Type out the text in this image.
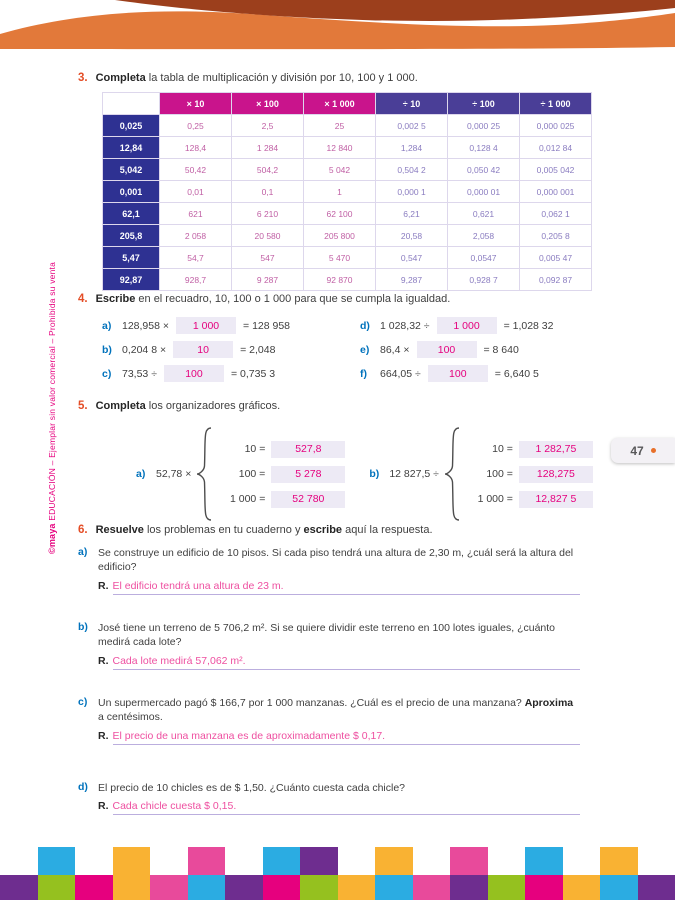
©maya EDUCACIÓN – Ejemplar sin valor comercial – Prohibida su venta	47
3. Completa la tabla de multiplicación y división por 10, 100 y 1 000.
	× 10	× 100	× 1 000	÷ 10	÷ 100	÷ 1 000
0,025	0,25	2,5	25	0,002 5	0,000 25	0,000 025
12,84	128,4	1 284	12 840	1,284	0,128 4	0,012 84
5,042	50,42	504,2	5 042	0,504 2	0,050 42	0,005 042
0,001	0,01	0,1	1	0,000 1	0,000 01	0,000 001
62,1	621	6 210	62 100	6,21	0,621	0,062 1
205,8	2 058	20 580	205 800	20,58	2,058	0,205 8
5,47	54,7	547	5 470	0,547	0,0547	0,005 47
92,87	928,7	9 287	92 870	9,287	0,928 7	0,092 87
4. Escribe en el recuadro, 10, 100 o 1 000 para que se cumpla la igualdad.
a)	128,958 ×	1 000	= 128 958
b) 0,204 8 ×	10	= 2,048
c)	73,53 ÷	100	= 0,735 3
d) 1 028,32 ÷	1 000	= 1,028 32
e)	86,4 ×	100	= 8 640
f)	664,05 ÷	100	= 6,640 5
5. Completa los organizadores gráficos.
a)	52,78 ×
10 =	527,8
100 =	5 278
1 000 =	52 780
b) 12 827,5 ÷
10 =	1 282,75
100 =	128,275
1 000 =	12,827 5
6. Resuelve los problemas en tu cuaderno y escribe aquí la respuesta.
a)	Se construye un edificio de 10 pisos. Si cada piso tendrá una altura de 2,30 m, ¿cuál será la altura del edificio?
R. El edificio tendrá una altura de 23 m.
b) José tiene un terreno de 5 706,2 m². Si se quiere dividir este terreno en 100 lotes iguales, ¿cuánto medirá cada lote?
R. Cada lote medirá 57,062 m².
c)	Un supermercado pagó $ 166,7 por 1 000 manzanas. ¿Cuál es el precio de una manzana? Aproxima a centésimos.
R. El precio de una manzana es de aproximadamente $ 0,17.
d) El precio de 10 chicles es de $ 1,50. ¿Cuánto cuesta cada chicle?
R. Cada chicle cuesta $ 0,15.
